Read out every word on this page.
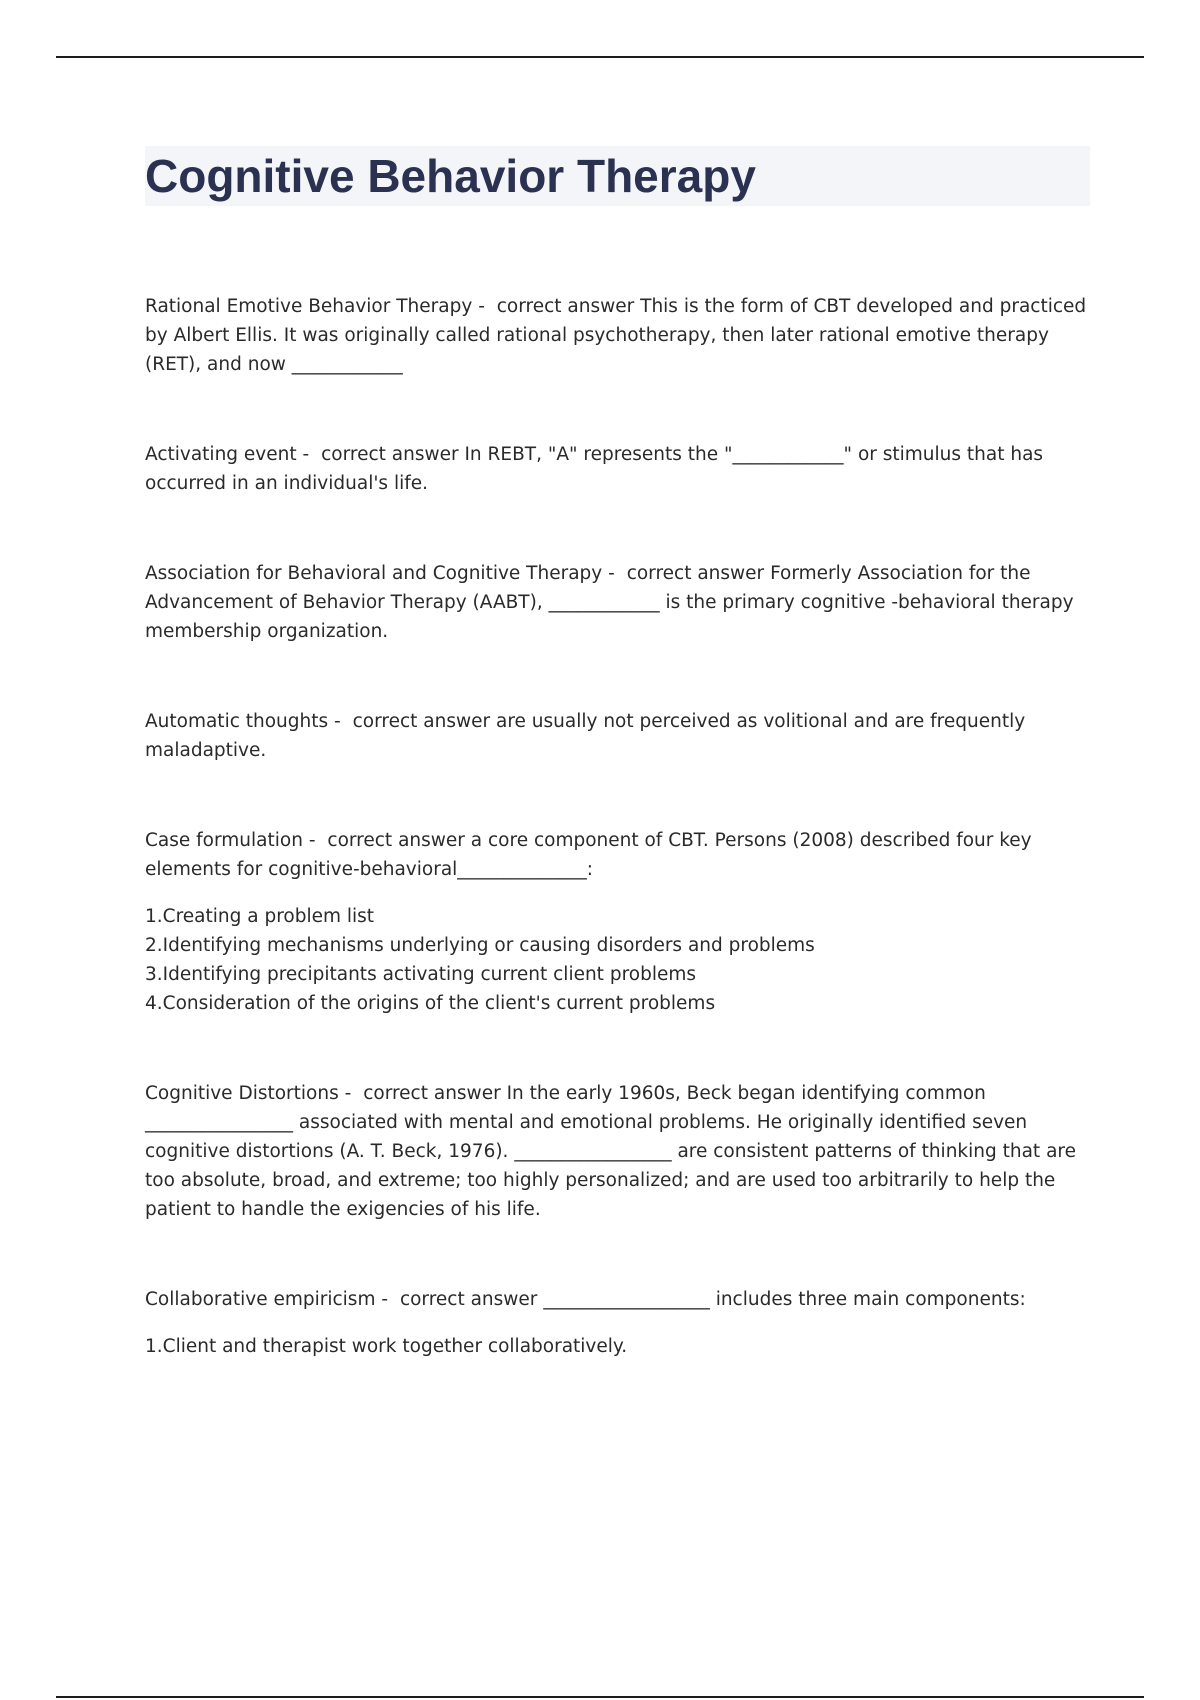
Cognitive Behavior Therapy

Rational Emotive Behavior Therapy - correct answer This is the form of CBT developed and practiced by Albert Ellis. It was originally called rational psychotherapy, then later rational emotive therapy (RET), and now ____________

Activating event - correct answer In REBT, "A" represents the "____________" or stimulus that has occurred in an individual's life.

Association for Behavioral and Cognitive Therapy - correct answer Formerly Association for the Advancement of Behavior Therapy (AABT), ____________ is the primary cognitive -behavioral therapy membership organization.

Automatic thoughts - correct answer are usually not perceived as volitional and are frequently maladaptive.

Case formulation - correct answer a core component of CBT. Persons (2008) described four key elements for cognitive-behavioral______________:

1.Creating a problem list

2.Identifying mechanisms underlying or causing disorders and problems

3.Identifying precipitants activating current client problems

4.Consideration of the origins of the client's current problems

Cognitive Distortions - correct answer In the early 1960s, Beck began identifying common ________________ associated with mental and emotional problems. He originally identified seven cognitive distortions (A. T. Beck, 1976). _________________ are consistent patterns of thinking that are too absolute, broad, and extreme; too highly personalized; and are used too arbitrarily to help the patient to handle the exigencies of his life.

Collaborative empiricism - correct answer __________________ includes three main components:

1.Client and therapist work together collaboratively.
